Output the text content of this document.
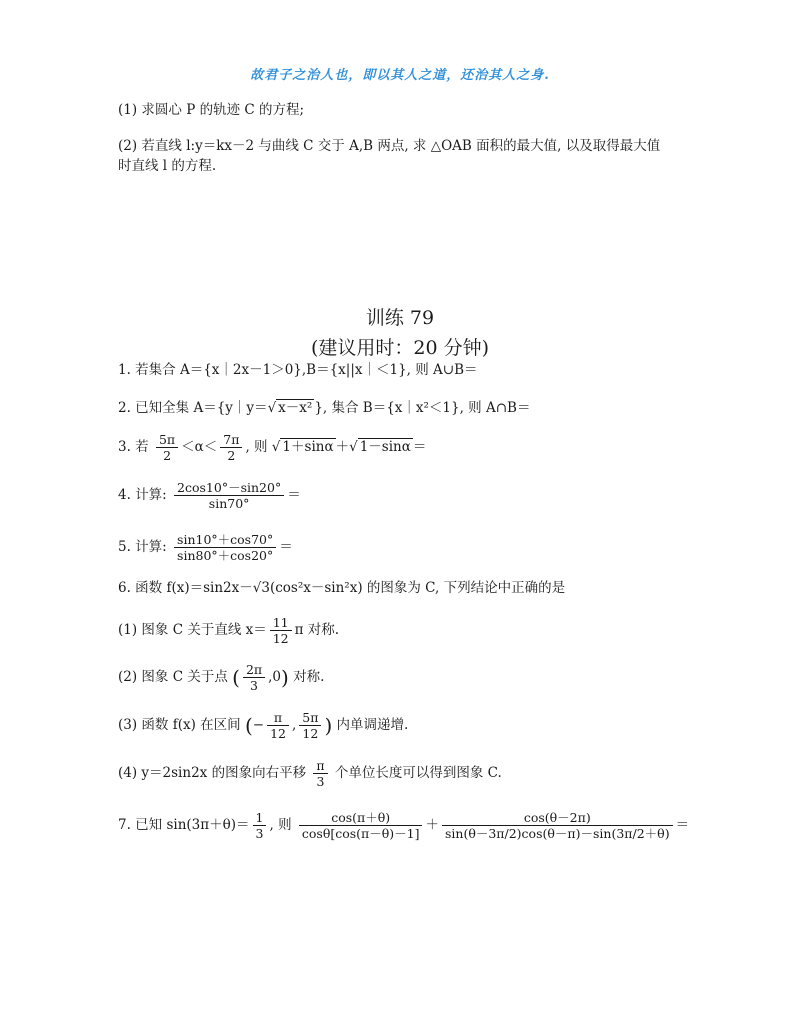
故君子之治人也，即以其人之道，还治其人之身.
(1) 求圆心 P 的轨迹 C 的方程;
(2) 若直线 l:y＝kx－2 与曲线 C 交于 A,B 两点, 求 △OAB 面积的最大值, 以及取得最大值
时直线 l 的方程.
训练 79
(建议用时：20 分钟)
1. 若集合 A＝{x｜2x－1＞0},B＝{x||x｜＜1}, 则 A∪B＝
2. 已知全集 A＝{y｜y＝√ x－x² }, 集合 B＝{x｜x²＜1}, 则 A∩B＝
3. 若 $\frac{5\pi}{2} <\alpha< \frac{7\pi}{2}$ , 则 √ 1＋sinα ＋√ 1－sinα ＝
4. 计算: $\frac{2\cos 10^\circ-\sin 20^\circ}{\sin 70^\circ}$ ＝
5. 计算: $\frac{\sin 10^\circ+\cos 70^\circ}{\sin 80^\circ+\cos 20^\circ}$ ＝
6. 函数 f(x)＝sin2x－√3(cos²x－sin²x) 的图象为 C, 下列结论中正确的是
(1) 图象 C 关于直线 $x= \frac{11}{12}$ π 对称.
(2) 图象 C 关于点 ( $\frac{2\pi}{3} ,0$) 对称.
(3) 函数 f(x) 在区间 (− $\frac{\pi}{12}$ , $\frac{5\pi}{12}$ ) 内单调递增.
(4) y＝2sin2x 的图象向右平移 $\frac{\pi}{3}$ 个单位长度可以得到图象 C.
7. 已知 $\sin(3\pi+\theta)= \frac{1}{3}$ , 则 $\frac{\cos(\pi+\theta)}{\cos\theta[\cos(\pi-\theta)-1]} + \frac{\cos(\theta-2\pi)}{\sin(\theta-3\pi/2)\cos(\theta-\pi)-\sin(3\pi/2+\theta)}$ ＝
